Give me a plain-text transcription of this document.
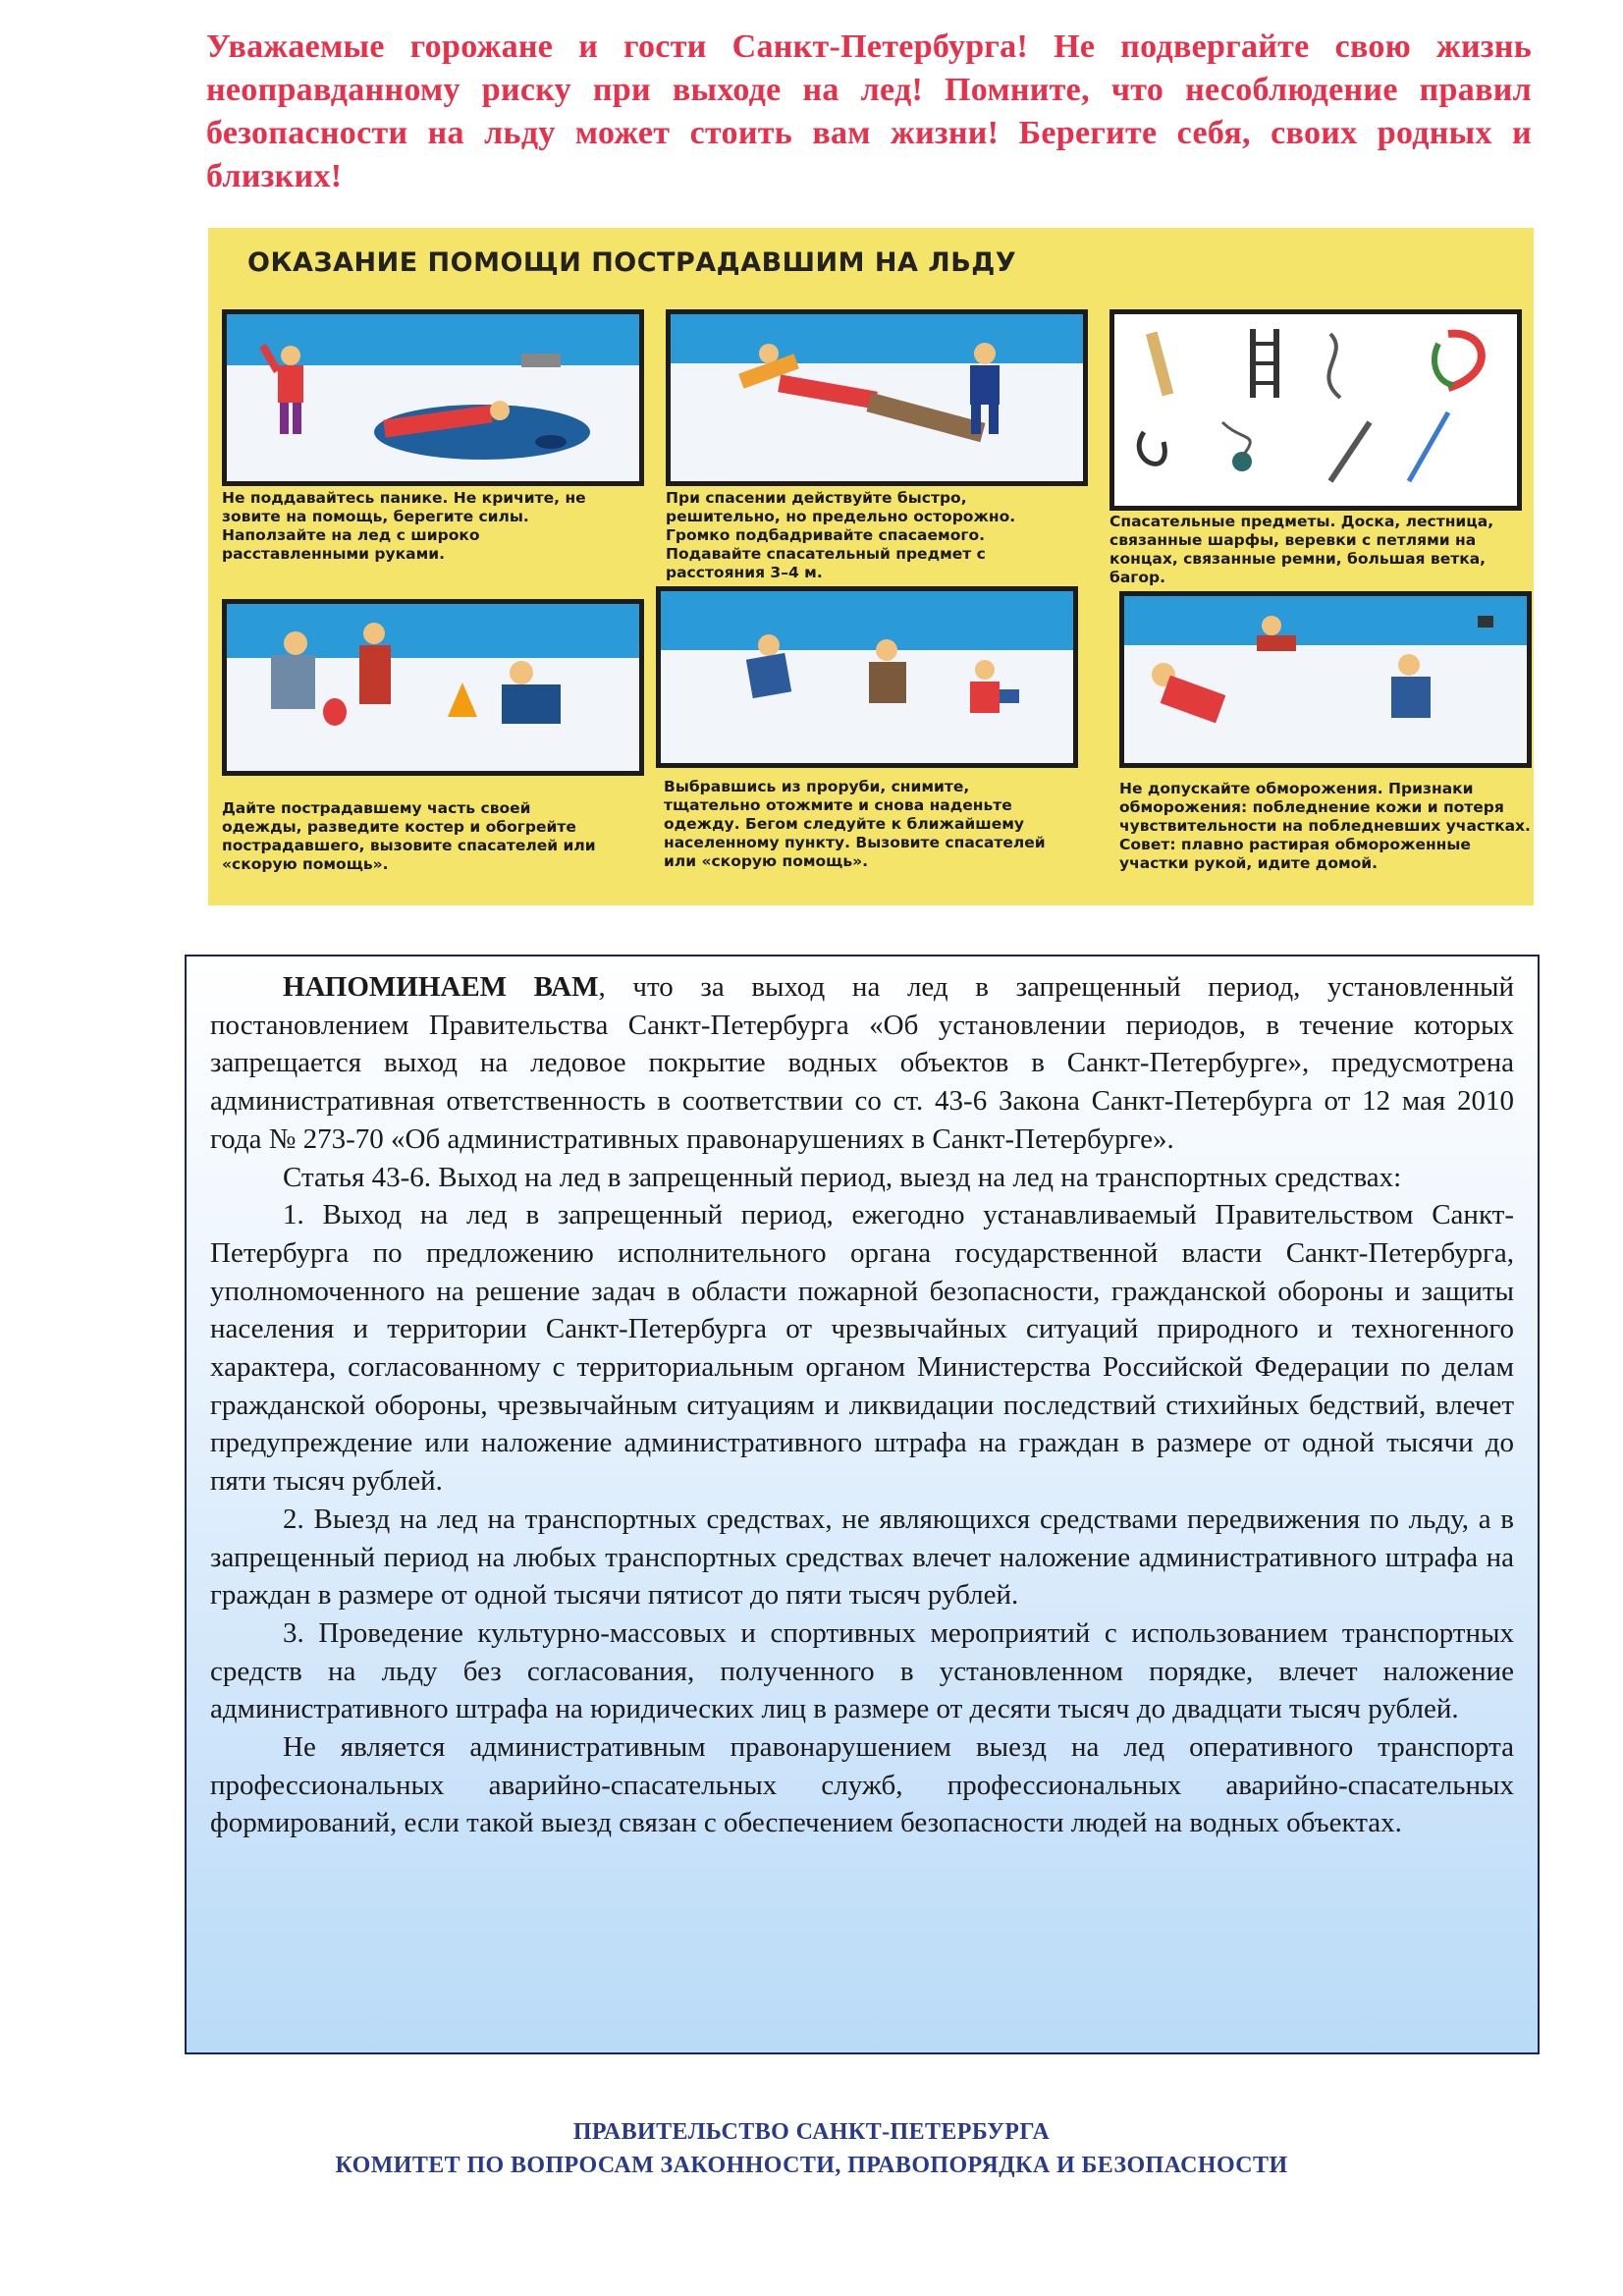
Уважаемые горожане и гости Санкт-Петербурга! Не подвергайте свою жизнь неоправданному риску при выходе на лед! Помните, что несоблюдение правил безопасности на льду может стоить вам жизни! Берегите себя, своих родных и близких!
ОКАЗАНИЕ ПОМОЩИ ПОСТРАДАВШИМ НА ЛЬДУ
Не поддавайтесь панике. Не кричите, не зовите на помощь, берегите силы. Наползайте на лед с широко расставленными руками.
При спасении действуйте быстро, решительно, но предельно осторожно. Громко подбадривайте спасаемого. Подавайте спасательный предмет с расстояния 3–4 м.
Спасательные предметы. Доска, лестница, связанные шарфы, веревки с петлями на концах, связанные ремни, большая ветка, багор.
Дайте пострадавшему часть своей одежды, разведите костер и обогрейте пострадавшего, вызовите спасателей или «скорую помощь».
Выбравшись из проруби, снимите, тщательно отожмите и снова наденьте одежду. Бегом следуйте к ближайшему населенному пункту. Вызовите спасателей или «скорую помощь».
Не допускайте обморожения. Признаки обморожения: побледнение кожи и потеря чувствительности на побледневших участках. Совет: плавно растирая обмороженные участки рукой, идите домой.

НАПОМИНАЕМ ВАМ, что за выход на лед в запрещенный период, установленный постановлением Правительства Санкт-Петербурга «Об установлении периодов, в течение которых запрещается выход на ледовое покрытие водных объектов в Санкт-Петербурге», предусмотрена административная ответственность в соответствии со ст. 43-6 Закона Санкт-Петербурга от 12 мая 2010 года № 273-70 «Об административных правонарушениях в Санкт-Петербурге».

Статья 43-6. Выход на лед в запрещенный период, выезд на лед на транспортных средствах:

1. Выход на лед в запрещенный период, ежегодно устанавливаемый Правительством Санкт-Петербурга по предложению исполнительного органа государственной власти Санкт-Петербурга, уполномоченного на решение задач в области пожарной безопасности, гражданской обороны и защиты населения и территории Санкт-Петербурга от чрезвычайных ситуаций природного и техногенного характера, согласованному с территориальным органом Министерства Российской Федерации по делам гражданской обороны, чрезвычайным ситуациям и ликвидации последствий стихийных бедствий, влечет предупреждение или наложение административного штрафа на граждан в размере от одной тысячи до пяти тысяч рублей.

2. Выезд на лед на транспортных средствах, не являющихся средствами передвижения по льду, а в запрещенный период на любых транспортных средствах влечет наложение административного штрафа на граждан в размере от одной тысячи пятисот до пяти тысяч рублей.

3. Проведение культурно-массовых и спортивных мероприятий с использованием транспортных средств на льду без согласования, полученного в установленном порядке, влечет наложение административного штрафа на юридических лиц в размере от десяти тысяч до двадцати тысяч рублей.

Не является административным правонарушением выезд на лед оперативного транспорта профессиональных аварийно-спасательных служб, профессиональных аварийно-спасательных формирований, если такой выезд связан с обеспечением безопасности людей на водных объектах.

ПРАВИТЕЛЬСТВО САНКТ-ПЕТЕРБУРГА
КОМИТЕТ ПО ВОПРОСАМ ЗАКОННОСТИ, ПРАВОПОРЯДКА И БЕЗОПАСНОСТИ
